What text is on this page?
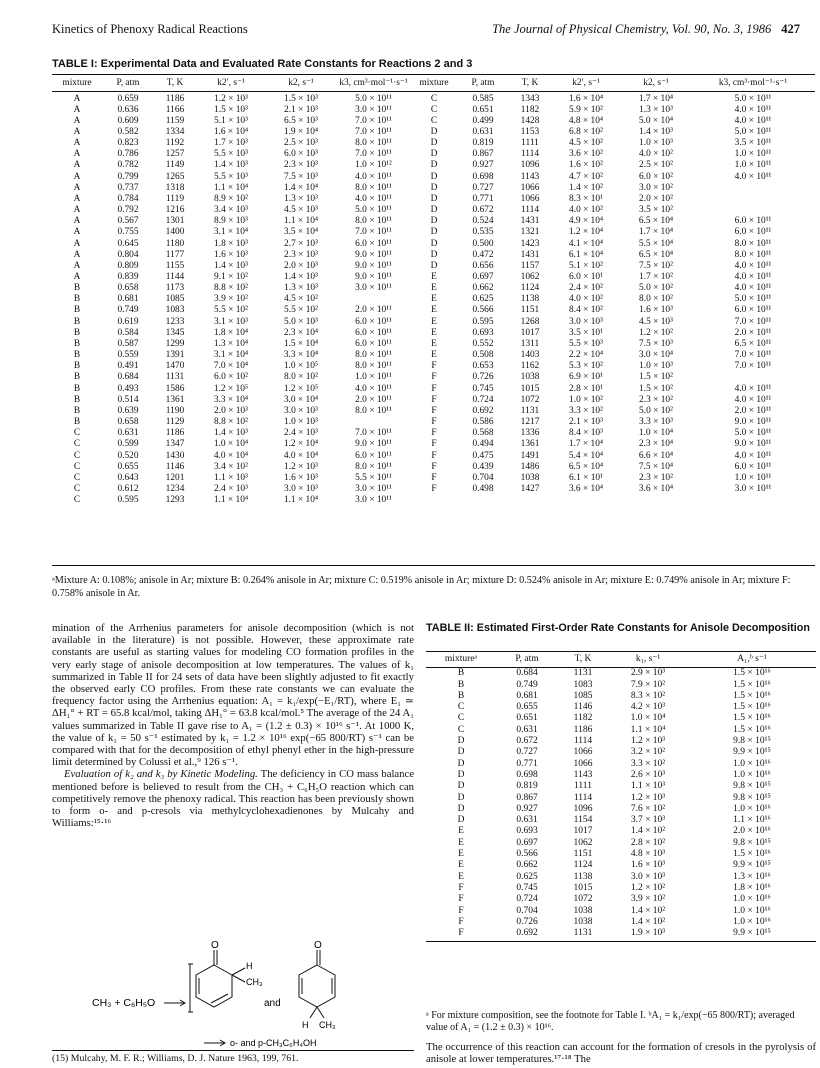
Kinetics of Phenoxy Radical Reactions	The Journal of Physical Chemistry, Vol. 90, No. 3, 1986 427
TABLE I: Experimental Data and Evaluated Rate Constants for Reactions 2 and 3
mixture	P, atm	T, K	k2′, s⁻¹	k2, s⁻¹	k3, cm³·mol⁻¹·s⁻¹	mixture	P, atm	T, K	k2′, s⁻¹	k2, s⁻¹	k3, cm³·mol⁻¹·s⁻¹
A	0.659	1186	1.2 × 10³	1.5 × 10³	5.0 × 10¹¹	C	0.585	1343	1.6 × 10⁴	1.7 × 10⁴	5.0 × 10¹¹
A	0.636	1166	1.5 × 10³	2.1 × 10³	3.0 × 10¹¹	C	0.651	1182	5.9 × 10²	1.3 × 10³	4.0 × 10¹¹
A	0.609	1159	5.1 × 10³	6.5 × 10³	7.0 × 10¹¹	C	0.499	1428	4.8 × 10⁴	5.0 × 10⁴	4.0 × 10¹¹
A	0.582	1334	1.6 × 10⁴	1.9 × 10⁴	7.0 × 10¹¹	D	0.631	1153	6.8 × 10²	1.4 × 10³	5.0 × 10¹¹
A	0.823	1192	1.7 × 10³	2.5 × 10³	8.0 × 10¹¹	D	0.819	1111	4.5 × 10²	1.0 × 10³	3.5 × 10¹¹
A	0.786	1257	5.5 × 10³	6.0 × 10³	7.0 × 10¹¹	D	0.867	1114	3.6 × 10²	4.0 × 10²	1.0 × 10¹¹
A	0.782	1149	1.4 × 10³	2.3 × 10³	1.0 × 10¹²	D	0.927	1096	1.6 × 10²	2.5 × 10²	1.0 × 10¹¹
A	0.799	1265	5.5 × 10³	7.5 × 10³	4.0 × 10¹¹	D	0.698	1143	4.7 × 10²	6.0 × 10²	4.0 × 10¹¹
A	0.737	1318	1.1 × 10⁴	1.4 × 10⁴	8.0 × 10¹¹	D	0.727	1066	1.4 × 10²	3.0 × 10²	
A	0.784	1119	8.9 × 10²	1.3 × 10³	4.0 × 10¹¹	D	0.771	1066	8.3 × 10¹	2.0 × 10²	
A	0.792	1216	3.4 × 10³	4.5 × 10³	5.0 × 10¹¹	D	0.672	1114	4.0 × 10²	3.5 × 10²	
A	0.567	1301	8.9 × 10³	1.1 × 10⁴	8.0 × 10¹¹	D	0.524	1431	4.9 × 10⁴	6.5 × 10⁴	6.0 × 10¹¹
A	0.755	1400	3.1 × 10⁴	3.5 × 10⁴	7.0 × 10¹¹	D	0.535	1321	1.2 × 10⁴	1.7 × 10⁴	6.0 × 10¹¹
A	0.645	1180	1.8 × 10³	2.7 × 10³	6.0 × 10¹¹	D	0.500	1423	4.1 × 10⁴	5.5 × 10⁴	8.0 × 10¹¹
A	0.804	1177	1.6 × 10³	2.3 × 10³	9.0 × 10¹¹	D	0.472	1431	6.1 × 10⁴	6.5 × 10⁴	8.0 × 10¹¹
A	0.809	1155	1.4 × 10³	2.0 × 10³	9.0 × 10¹¹	D	0.656	1157	5.1 × 10²	7.5 × 10²	4.0 × 10¹¹
A	0.839	1144	9.1 × 10²	1.4 × 10³	9.0 × 10¹¹	E	0.697	1062	6.0 × 10¹	1.7 × 10²	4.0 × 10¹¹
B	0.658	1173	8.8 × 10²	1.3 × 10³	3.0 × 10¹¹	E	0.662	1124	2.4 × 10²	5.0 × 10²	4.0 × 10¹¹
B	0.681	1085	3.9 × 10²	4.5 × 10²		E	0.625	1138	4.0 × 10²	8.0 × 10²	5.0 × 10¹¹
B	0.749	1083	5.5 × 10²	5.5 × 10²	2.0 × 10¹¹	E	0.566	1151	8.4 × 10²	1.6 × 10³	6.0 × 10¹¹
B	0.619	1233	3.1 × 10³	5.0 × 10³	6.0 × 10¹¹	E	0.595	1268	3.0 × 10³	4.5 × 10³	7.0 × 10¹¹
B	0.584	1345	1.8 × 10⁴	2.3 × 10⁴	6.0 × 10¹¹	E	0.693	1017	3.5 × 10¹	1.2 × 10²	2.0 × 10¹¹
B	0.587	1299	1.3 × 10⁴	1.5 × 10⁴	6.0 × 10¹¹	E	0.552	1311	5.5 × 10³	7.5 × 10³	6.5 × 10¹¹
B	0.559	1391	3.1 × 10⁴	3.3 × 10⁴	8.0 × 10¹¹	E	0.508	1403	2.2 × 10⁴	3.0 × 10⁴	7.0 × 10¹¹
B	0.491	1470	7.0 × 10⁴	1.0 × 10⁵	8.0 × 10¹¹	F	0.653	1162	5.3 × 10²	1.0 × 10³	7.0 × 10¹¹
B	0.684	1131	6.0 × 10²	8.0 × 10²	1.0 × 10¹¹	F	0.726	1038	6.9 × 10¹	1.5 × 10²	
B	0.493	1586	1.2 × 10⁵	1.2 × 10⁵	4.0 × 10¹¹	F	0.745	1015	2.8 × 10¹	1.5 × 10²	4.0 × 10¹¹
B	0.514	1361	3.3 × 10⁴	3.0 × 10⁴	2.0 × 10¹¹	F	0.724	1072	1.0 × 10²	2.3 × 10²	4.0 × 10¹¹
B	0.639	1190	2.0 × 10³	3.0 × 10³	8.0 × 10¹¹	F	0.692	1131	3.3 × 10²	5.0 × 10²	2.0 × 10¹¹
B	0.658	1129	8.8 × 10²	1.0 × 10³		F	0.586	1217	2.1 × 10³	3.3 × 10³	9.0 × 10¹¹
C	0.631	1186	1.4 × 10³	2.4 × 10³	7.0 × 10¹¹	F	0.568	1336	8.4 × 10³	1.0 × 10⁴	5.0 × 10¹¹
C	0.599	1347	1.0 × 10⁴	1.2 × 10⁴	9.0 × 10¹¹	F	0.494	1361	1.7 × 10⁴	2.3 × 10⁴	9.0 × 10¹¹
C	0.520	1430	4.0 × 10⁴	4.0 × 10⁴	6.0 × 10¹¹	F	0.475	1491	5.4 × 10⁴	6.6 × 10⁴	4.0 × 10¹¹
C	0.655	1146	3.4 × 10²	1.2 × 10³	8.0 × 10¹¹	F	0.439	1486	6.5 × 10⁴	7.5 × 10⁴	6.0 × 10¹¹
C	0.643	1201	1.1 × 10³	1.6 × 10³	5.5 × 10¹¹	F	0.704	1038	6.1 × 10¹	2.3 × 10²	1.0 × 10¹¹
C	0.612	1234	2.4 × 10³	3.0 × 10³	3.0 × 10¹¹	F	0.498	1427	3.6 × 10⁴	3.6 × 10⁴	3.0 × 10¹¹
C	0.595	1293	1.1 × 10⁴	1.1 × 10⁴	3.0 × 10¹¹						
ᵃMixture A: 0.108%; anisole in Ar; mixture B: 0.264% anisole in Ar; mixture C: 0.519% anisole in Ar; mixture D: 0.524% anisole in Ar; mixture E: 0.749% anisole in Ar; mixture F: 0.758% anisole in Ar.

mination of the Arrhenius parameters for anisole decomposition (which is not available in the literature) is not possible. However, these approximate rate constants are useful as starting values for modeling CO formation profiles in the very early stage of anisole decomposition at low temperatures. The values of k₁ summarized in Table II for 24 sets of data have been slightly adjusted to fit exactly the observed early CO profiles. From these rate constants we can evaluate the frequency factor using the Arrhenius equation: A₁ = k₁/exp(−E₁/RT), where E₁ ≃ ΔH₁° + RT = 65.8 kcal/mol, taking ΔH₁° = 63.8 kcal/mol.⁵ The average of the 24 A₁ values summarized in Table II gave rise to A₁ = (1.2 ± 0.3) × 10¹⁶ s⁻¹. At 1000 K, the value of k₁ = 50 s⁻¹ estimated by k₁ = 1.2 × 10¹⁶ exp(−65 800/RT) s⁻¹ can be compared with that for the decomposition of ethyl phenyl ether in the high-pressure limit determined by Colussi et al.,⁹ 126 s⁻¹.

Evaluation of k₂ and k₃ by Kinetic Modeling. The deficiency in CO mass balance mentioned before is believed to result from the CH₃ + C₆H₅O reaction which can competitively remove the phenoxy radical. This reaction has been previously shown to form o- and p-cresols via methylcyclohexadienones by Mulcahy and Williams:¹⁵·¹⁶

CH₃ + C₆H₅O
O
H
CH₃
and
O
H CH₃
o- and p-CH₃C₆H₄OH
(15) Mulcahy, M. F. R.; Williams, D. J. Nature 1963, 199, 761.
TABLE II: Estimated First-Order Rate Constants for Anisole Decomposition
mixtureᵃ	P, atm	T, K	k₁, s⁻¹	A₁,ᵇ s⁻¹
B	0.684	1131	2.9 × 10³	1.5 × 10¹⁶
B	0.749	1083	7.9 × 10²	1.5 × 10¹⁶
B	0.681	1085	8.3 × 10²	1.5 × 10¹⁶
C	0.655	1146	4.2 × 10³	1.5 × 10¹⁶
C	0.651	1182	1.0 × 10⁴	1.5 × 10¹⁶
C	0.631	1186	1.1 × 10⁴	1.5 × 10¹⁶
D	0.672	1114	1.2 × 10³	9.8 × 10¹⁵
D	0.727	1066	3.2 × 10²	9.9 × 10¹⁵
D	0.771	1066	3.3 × 10²	1.0 × 10¹⁶
D	0.698	1143	2.6 × 10³	1.0 × 10¹⁶
D	0.819	1111	1.1 × 10³	9.8 × 10¹⁵
D	0.867	1114	1.2 × 10³	9.8 × 10¹⁵
D	0.927	1096	7.6 × 10²	1.0 × 10¹⁶
D	0.631	1154	3.7 × 10³	1.1 × 10¹⁶
E	0.693	1017	1.4 × 10²	2.0 × 10¹⁶
E	0.697	1062	2.8 × 10²	9.8 × 10¹⁵
E	0.566	1151	4.8 × 10³	1.5 × 10¹⁶
E	0.662	1124	1.6 × 10³	9.9 × 10¹⁵
E	0.625	1138	3.0 × 10³	1.3 × 10¹⁶
F	0.745	1015	1.2 × 10²	1.8 × 10¹⁶
F	0.724	1072	3.9 × 10²	1.0 × 10¹⁶
F	0.704	1038	1.4 × 10²	1.0 × 10¹⁶
F	0.726	1038	1.4 × 10²	1.0 × 10¹⁶
F	0.692	1131	1.9 × 10³	9.9 × 10¹⁵
ᵃ For mixture composition, see the footnote for Table I. ᵇA₁ = k₁/exp(−65 800/RT); averaged value of A₁ = (1.2 ± 0.3) × 10¹⁶.
The occurrence of this reaction can account for the formation of cresols in the pyrolysis of anisole at lower temperatures.¹⁷·¹⁸ The
